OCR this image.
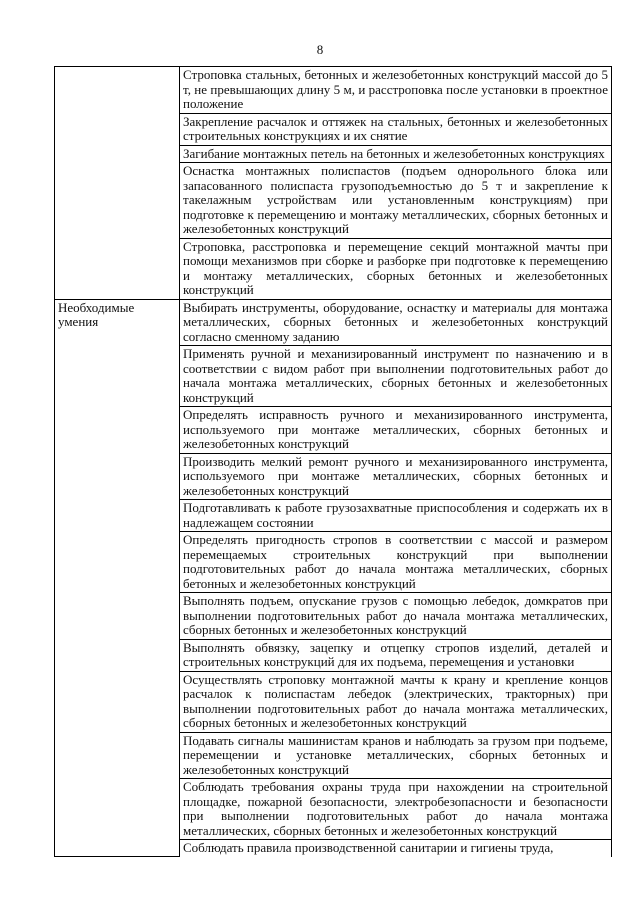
8
	Строповка стальных, бетонных и железобетонных конструкций массой до 5 т, не превышающих длину 5 м, и расстроповка после установки в проектное положение
	Закрепление расчалок и оттяжек на стальных, бетонных и железобетонных строительных конструкциях и их снятие
	Загибание монтажных петель на бетонных и железобетонных конструкциях
	Оснастка монтажных полиспастов (подъем однорольного блока или запасованного полиспаста грузоподъемностью до 5 т и закрепление к такелажным устройствам или установленным конструкциям) при подготовке к перемещению и монтажу металлических, сборных бетонных и железобетонных конструкций
	Строповка, расстроповка и перемещение секций монтажной мачты при помощи механизмов при сборке и разборке при подготовке к перемещению и монтажу металлических, сборных бетонных и железобетонных конструкций
Необходимые умения	Выбирать инструменты, оборудование, оснастку и материалы для монтажа металлических, сборных бетонных и железобетонных конструкций согласно сменному заданию
	Применять ручной и механизированный инструмент по назначению и в соответствии с видом работ при выполнении подготовительных работ до начала монтажа металлических, сборных бетонных и железобетонных конструкций
	Определять исправность ручного и механизированного инструмента, используемого при монтаже металлических, сборных бетонных и железобетонных конструкций
	Производить мелкий ремонт ручного и механизированного инструмента, используемого при монтаже металлических, сборных бетонных и железобетонных конструкций
	Подготавливать к работе грузозахватные приспособления и содержать их в надлежащем состоянии
	Определять пригодность стропов в соответствии с массой и размером перемещаемых строительных конструкций при выполнении подготовительных работ до начала монтажа металлических, сборных бетонных и железобетонных конструкций
	Выполнять подъем, опускание грузов с помощью лебедок, домкратов при выполнении подготовительных работ до начала монтажа металлических, сборных бетонных и железобетонных конструкций
	Выполнять обвязку, зацепку и отцепку стропов изделий, деталей и строительных конструкций для их подъема, перемещения и установки
	Осуществлять строповку монтажной мачты к крану и крепление концов расчалок к полиспастам лебедок (электрических, тракторных) при выполнении подготовительных работ до начала монтажа металлических, сборных бетонных и железобетонных конструкций
	Подавать сигналы машинистам кранов и наблюдать за грузом при подъеме, перемещении и установке металлических, сборных бетонных и железобетонных конструкций
	Соблюдать требования охраны труда при нахождении на строительной площадке, пожарной безопасности, электробезопасности и безопасности при выполнении подготовительных работ до начала монтажа металлических, сборных бетонных и железобетонных конструкций
	Соблюдать правила производственной санитарии и гигиены труда,
